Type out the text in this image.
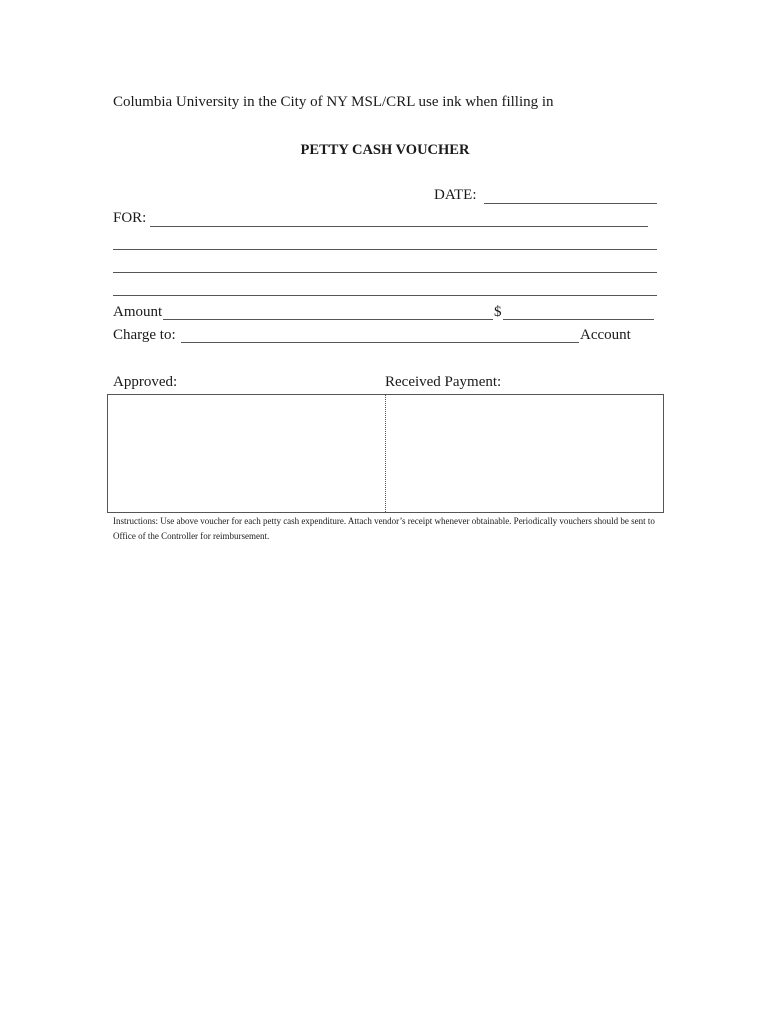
Columbia University in the City of NY MSL/CRL use ink when filling in
PETTY CASH VOUCHER
DATE:
FOR:
Amount	$
Charge to:	Account
Approved:	Received Payment:
Instructions: Use above voucher for each petty cash expenditure. Attach vendor’s receipt whenever obtainable. Periodically vouchers should be sent to Office of the Controller for reimbursement.
